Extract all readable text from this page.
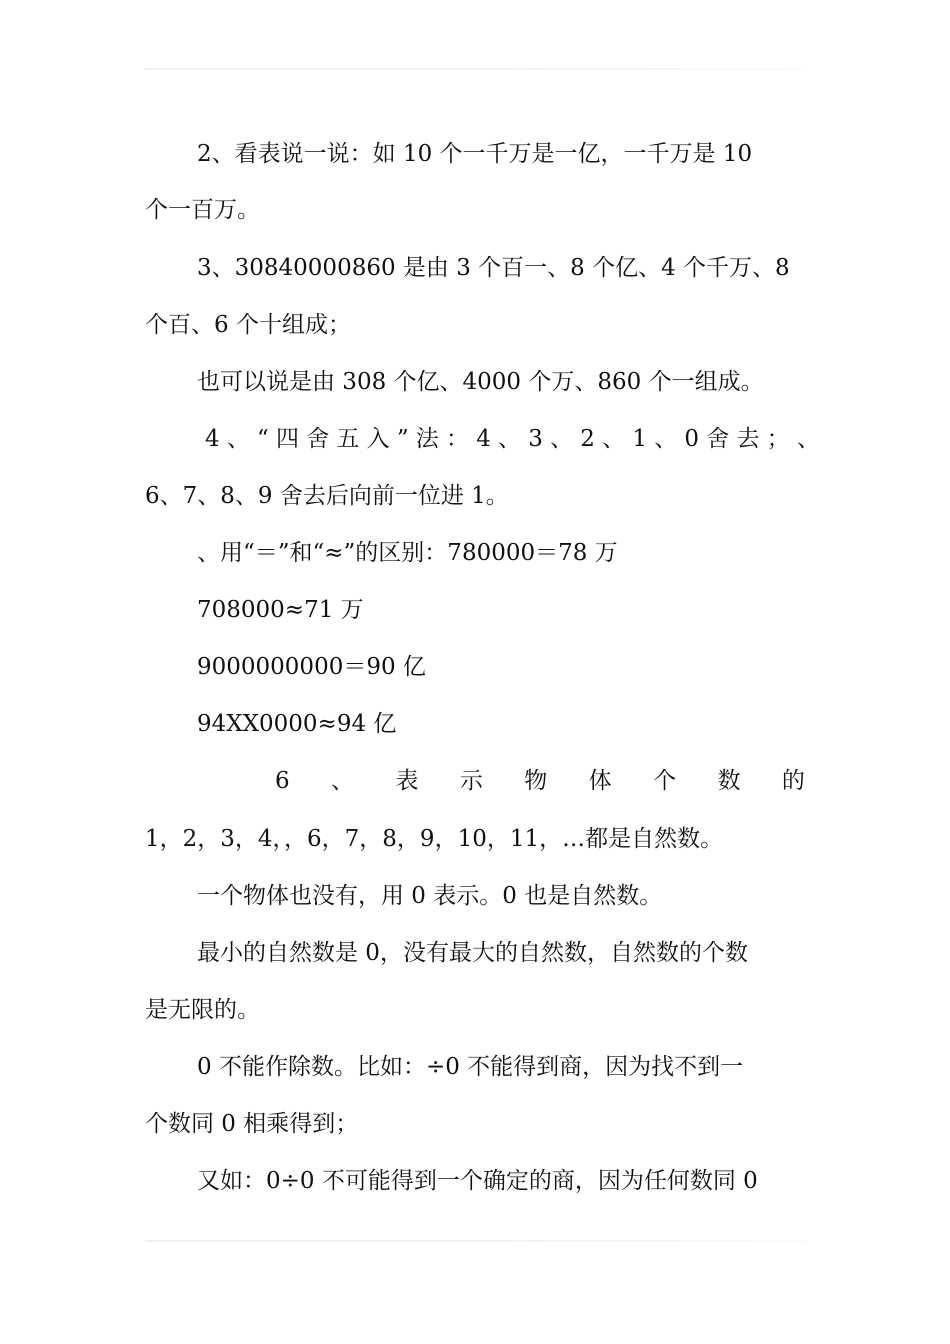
2、看表说一说：如 10 个一千万是一亿，一千万是 10
个一百万。
3、30840000860 是由 3 个百一、8 个亿、4 个千万、8
个百、6 个十组成；
也可以说是由 308 个亿、4000 个万、860 个一组成。
4 、 “ 四 舍 五 入 ” 法 ： 4 、 3 、 2 、 1 、 0 舍 去 ； 、
6、7、8、9 舍去后向前一位进 1。
、用“＝”和“≈”的区别：780000＝78 万
708000≈71 万
9000000000＝90 亿
94XX0000≈94 亿
6 、 表 示 物 体 个 数 的
1，2，3，4，，6，7，8，9，10，11，…都是自然数。
一个物体也没有，用 0 表示。0 也是自然数。
最小的自然数是 0，没有最大的自然数，自然数的个数
是无限的。
0 不能作除数。比如：÷0 不能得到商，因为找不到一
个数同 0 相乘得到；
又如：0÷0 不可能得到一个确定的商，因为任何数同 0
